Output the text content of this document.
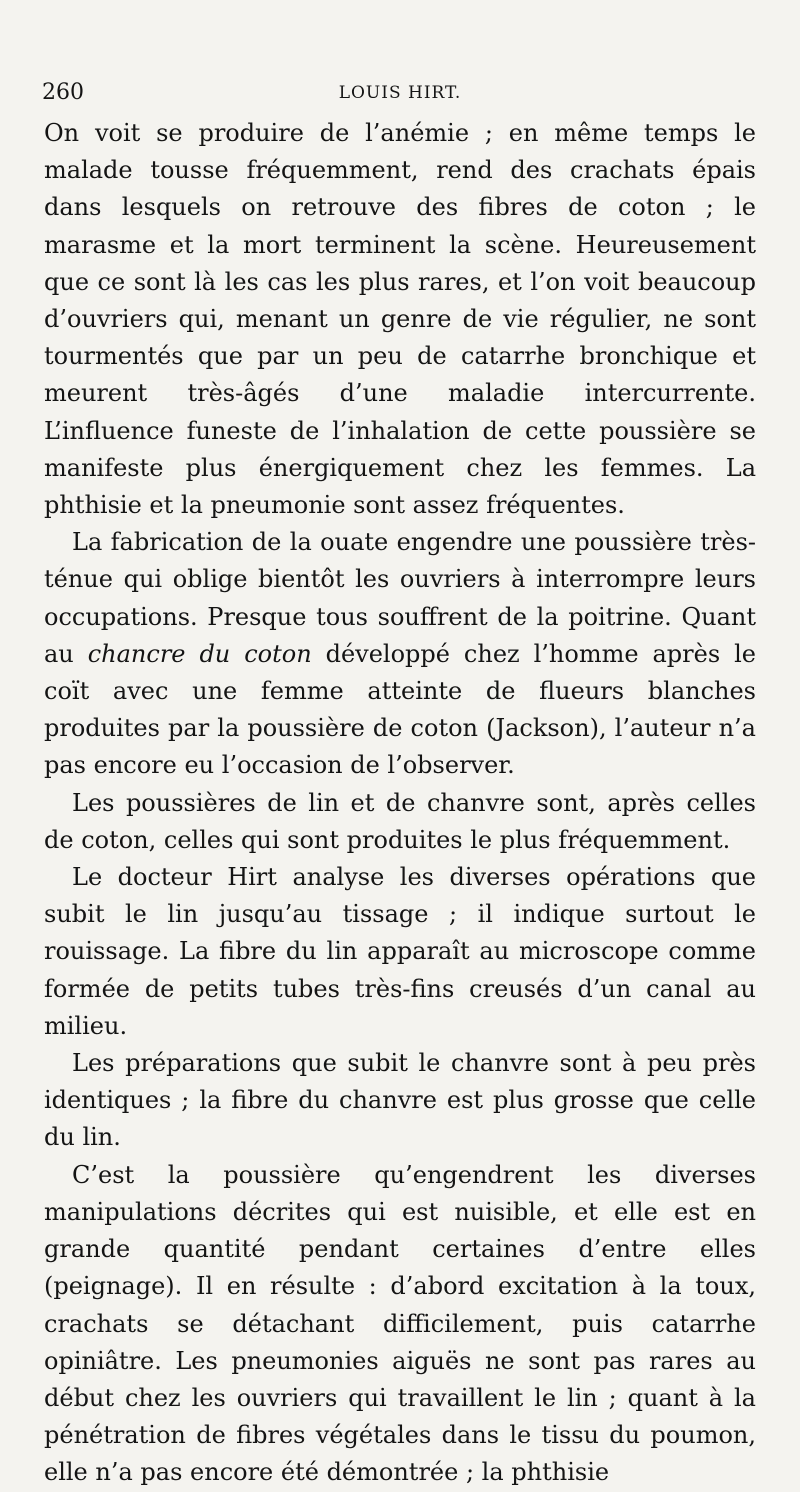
260	LOUIS HIRT.

On voit se produire de l’anémie ; en même temps le malade tousse fréquemment, rend des crachats épais dans lesquels on retrouve des fibres de coton ; le marasme et la mort terminent la scène. Heureusement que ce sont là les cas les plus rares, et l’on voit beaucoup d’ouvriers qui, menant un genre de vie régulier, ne sont tourmentés que par un peu de catarrhe bronchique et meurent très-âgés d’une maladie intercurrente. L’influence funeste de l’inhalation de cette poussière se manifeste plus énergiquement chez les femmes. La phthisie et la pneumonie sont assez fréquentes.

La fabrication de la ouate engendre une poussière très-ténue qui oblige bientôt les ouvriers à interrompre leurs occupations. Presque tous souffrent de la poitrine. Quant au chancre du coton développé chez l’homme après le coït avec une femme atteinte de flueurs blanches produites par la poussière de coton (Jackson), l’auteur n’a pas encore eu l’occasion de l’observer.

Les poussières de lin et de chanvre sont, après celles de coton, celles qui sont produites le plus fréquemment.

Le docteur Hirt analyse les diverses opérations que subit le lin jusqu’au tissage ; il indique surtout le rouissage. La fibre du lin apparaît au microscope comme formée de petits tubes très-fins creusés d’un canal au milieu.

Les préparations que subit le chanvre sont à peu près identiques ; la fibre du chanvre est plus grosse que celle du lin.

C’est la poussière qu’engendrent les diverses manipulations décrites qui est nuisible, et elle est en grande quantité pendant certaines d’entre elles (peignage). Il en résulte : d’abord excitation à la toux, crachats se détachant difficilement, puis catarrhe opiniâtre. Les pneumonies aiguës ne sont pas rares au début chez les ouvriers qui travaillent le lin ; quant à la pénétration de fibres végétales dans le tissu du poumon, elle n’a pas encore été démontrée ; la phthisie
